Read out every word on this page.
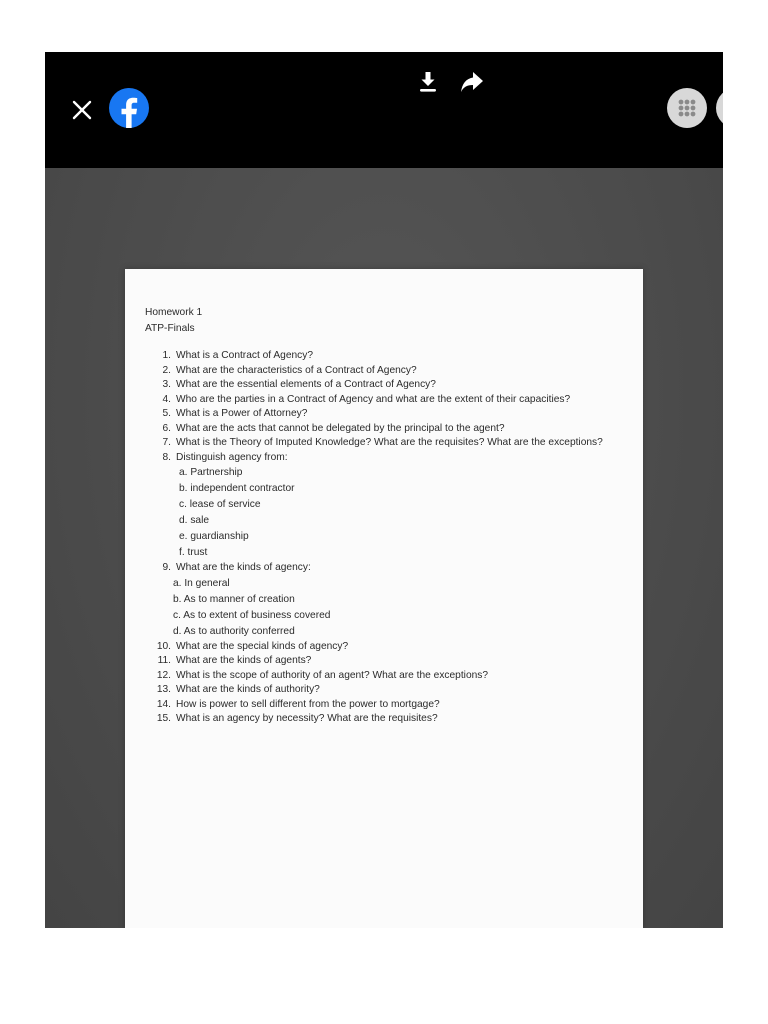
Homework 1
ATP-Finals
1. What is a Contract of Agency?
2. What are the characteristics of a Contract of Agency?
3. What are the essential elements of a Contract of Agency?
4. Who are the parties in a Contract of Agency and what are the extent of their capacities?
5. What is a Power of Attorney?
6. What are the acts that cannot be delegated by the principal to the agent?
7. What is the Theory of Imputed Knowledge? What are the requisites? What are the exceptions?
8. Distinguish agency from:
a. Partnership
b. independent contractor
c. lease of service
d. sale
e. guardianship
f. trust
9. What are the kinds of agency:
a. In general
b. As to manner of creation
c. As to extent of business covered
d. As to authority conferred
10. What are the special kinds of agency?
11. What are the kinds of agents?
12. What is the scope of authority of an agent? What are the exceptions?
13. What are the kinds of authority?
14. How is power to sell different from the power to mortgage?
15. What is an agency by necessity? What are the requisites?
